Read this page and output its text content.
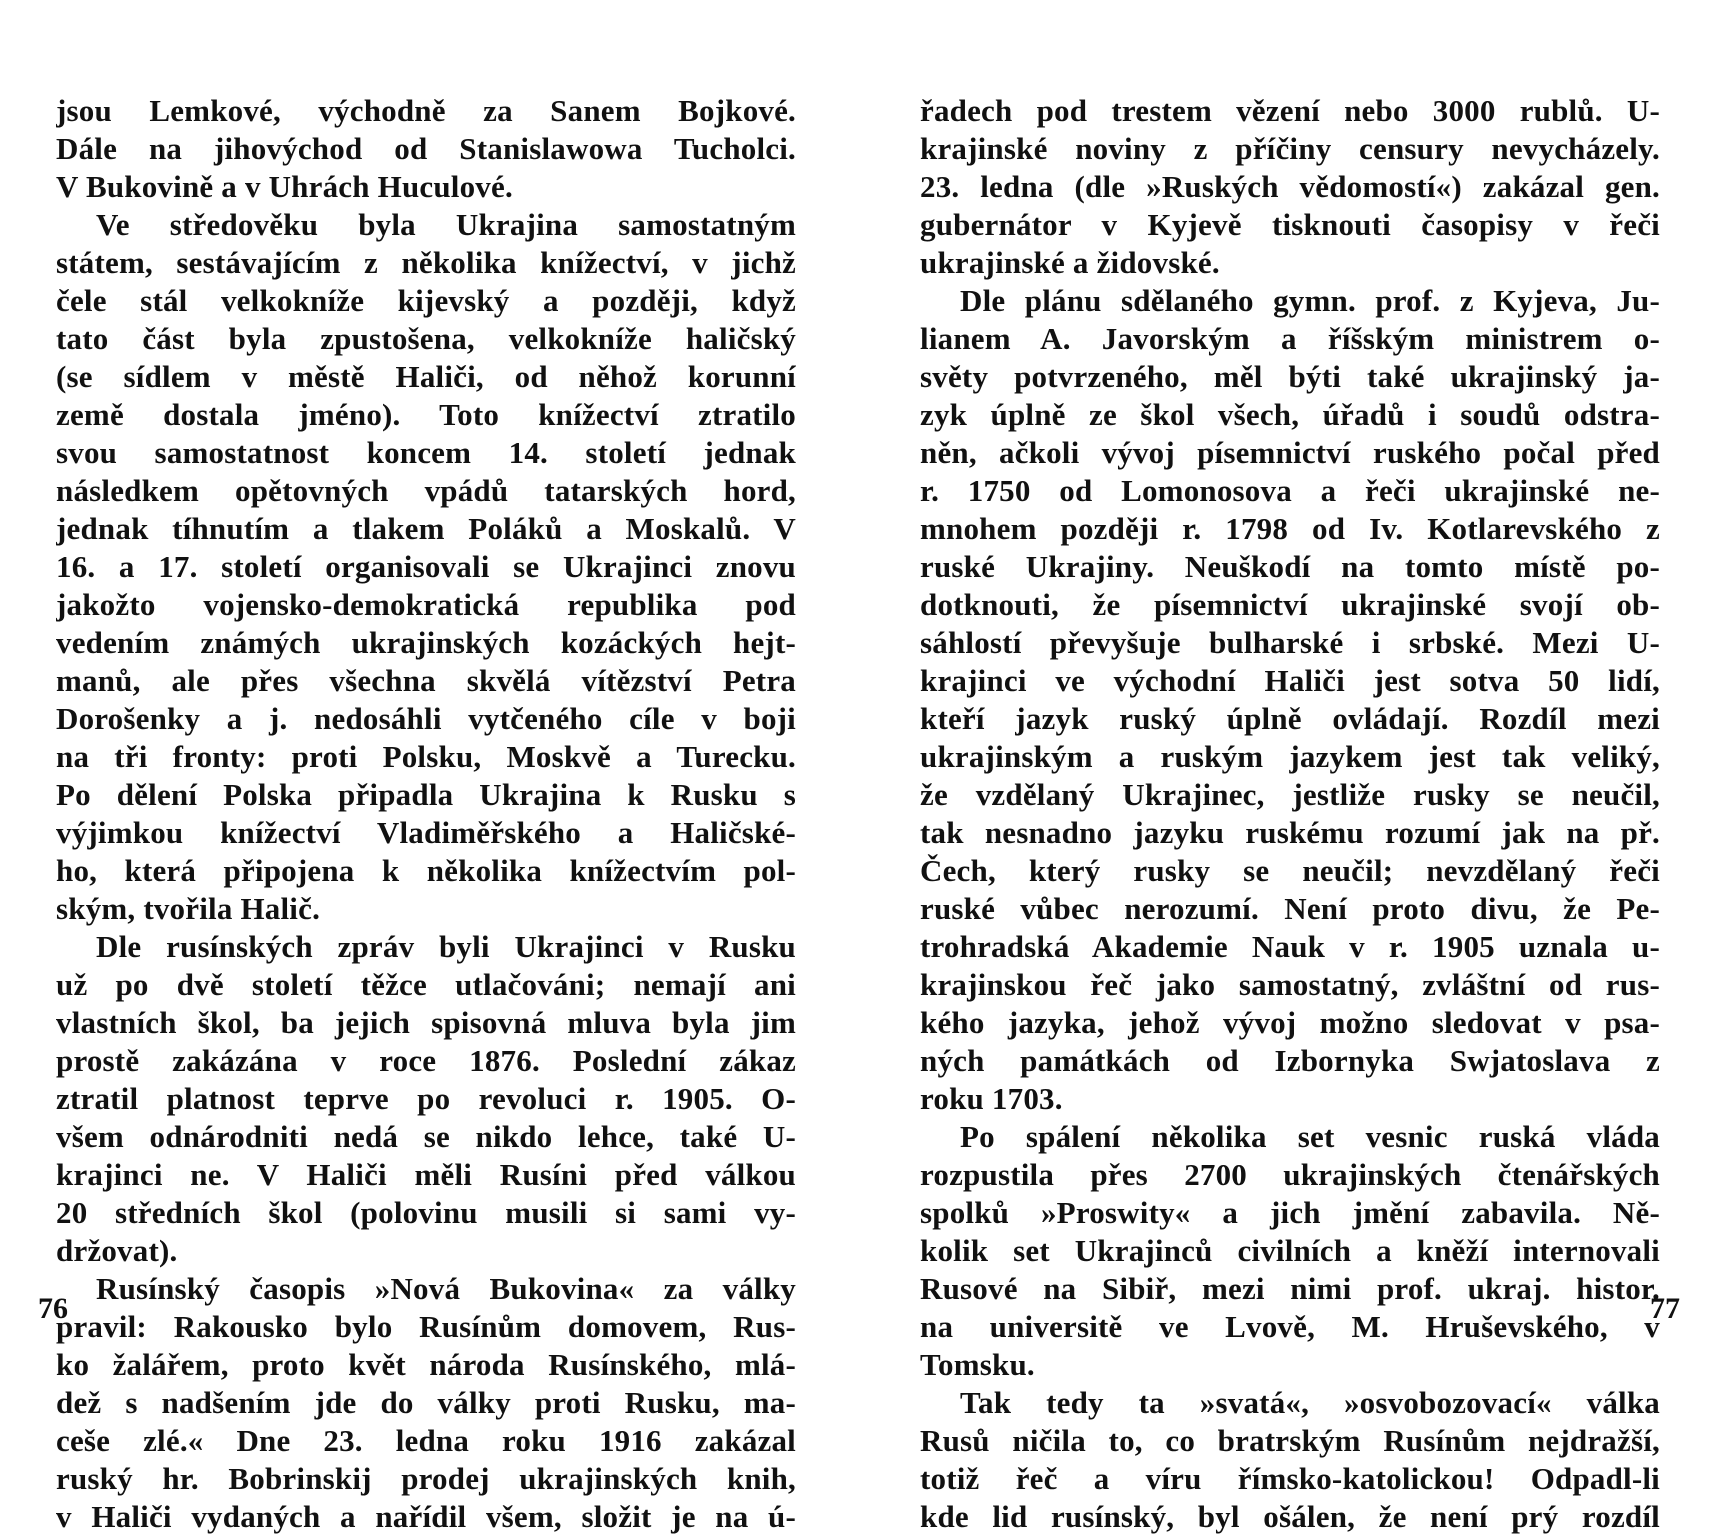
jsou Lemkové, východně za Sanem Bojkové.
Dále na jihovýchod od Stanislawowa Tucholci.
V Bukovině a v Uhrách Huculové.
Ve středověku byla Ukrajina samostatným
státem, sestávajícím z několika knížectví, v jichž
čele stál velkokníže kijevský a později, když
tato část byla zpustošena, velkokníže haličský
(se sídlem v městě Haliči, od něhož korunní
země dostala jméno). Toto knížectví ztratilo
svou samostatnost koncem 14. století jednak
následkem opětovných vpádů tatarských hord,
jednak tíhnutím a tlakem Poláků a Moskalů. V
16. a 17. století organisovali se Ukrajinci znovu
jakožto vojensko-demokratická republika pod
vedením známých ukrajinských kozáckých hejt-
manů, ale přes všechna skvělá vítězství Petra
Dorošenky a j. nedosáhli vytčeného cíle v boji
na tři fronty: proti Polsku, Moskvě a Turecku.
Po dělení Polska připadla Ukrajina k Rusku s
výjimkou knížectví Vladiměřského a Haličské-
ho, která připojena k několika knížectvím pol-
ským, tvořila Halič.
Dle rusínských zpráv byli Ukrajinci v Rusku
už po dvě století těžce utlačováni; nemají ani
vlastních škol, ba jejich spisovná mluva byla jim
prostě zakázána v roce 1876. Poslední zákaz
ztratil platnost teprve po revoluci r. 1905. O-
všem odnárodniti nedá se nikdo lehce, také U-
krajinci ne. V Haliči měli Rusíni před válkou
20 středních škol (polovinu musili si sami vy-
držovat).
Rusínský časopis »Nová Bukovina« za války
pravil: Rakousko bylo Rusínům domovem, Rus-
ko žalářem, proto květ národa Rusínského, mlá-
dež s nadšením jde do války proti Rusku, ma-
ceše zlé.« Dne 23. ledna roku 1916 zakázal
ruský hr. Bobrinskij prodej ukrajinských knih,
v Haliči vydaných a nařídil všem, složit je na ú-
76
řadech pod trestem vězení nebo 3000 rublů. U-
krajinské noviny z příčiny censury nevycházely.
23. ledna (dle »Ruských vědomostí«) zakázal gen.
gubernátor v Kyjevě tisknouti časopisy v řeči
ukrajinské a židovské.
Dle plánu sdělaného gymn. prof. z Kyjeva, Ju-
lianem A. Javorským a říšským ministrem o-
světy potvrzeného, měl býti také ukrajinský ja-
zyk úplně ze škol všech, úřadů i soudů odstra-
něn, ačkoli vývoj písemnictví ruského počal před
r. 1750 od Lomonosova a řeči ukrajinské ne-
mnohem později r. 1798 od Iv. Kotlarevského z
ruské Ukrajiny. Neuškodí na tomto místě po-
dotknouti, že písemnictví ukrajinské svojí ob-
sáhlostí převyšuje bulharské i srbské. Mezi U-
krajinci ve východní Haliči jest sotva 50 lidí,
kteří jazyk ruský úplně ovládají. Rozdíl mezi
ukrajinským a ruským jazykem jest tak veliký,
že vzdělaný Ukrajinec, jestliže rusky se neučil,
tak nesnadno jazyku ruskému rozumí jak na př.
Čech, který rusky se neučil; nevzdělaný řeči
ruské vůbec nerozumí. Není proto divu, že Pe-
trohradská Akademie Nauk v r. 1905 uznala u-
krajinskou řeč jako samostatný, zvláštní od rus-
kého jazyka, jehož vývoj možno sledovat v psa-
ných památkách od Izbornyka Swjatoslava z
roku 1703.
Po spálení několika set vesnic ruská vláda
rozpustila přes 2700 ukrajinských čtenářských
spolků »Proswity« a jich jmění zabavila. Ně-
kolik set Ukrajinců civilních a kněží internovali
Rusové na Sibiř, mezi nimi prof. ukraj. histor.
na universitě ve Lvově, M. Hruševského, v
Tomsku.
Tak tedy ta »svatá«, »osvobozovací« válka
Rusů ničila to, co bratrským Rusínům nejdražší,
totiž řeč a víru římsko-katolickou! Odpadl-li
kde lid rusínský, byl ošálen, že není prý rozdíl
77
